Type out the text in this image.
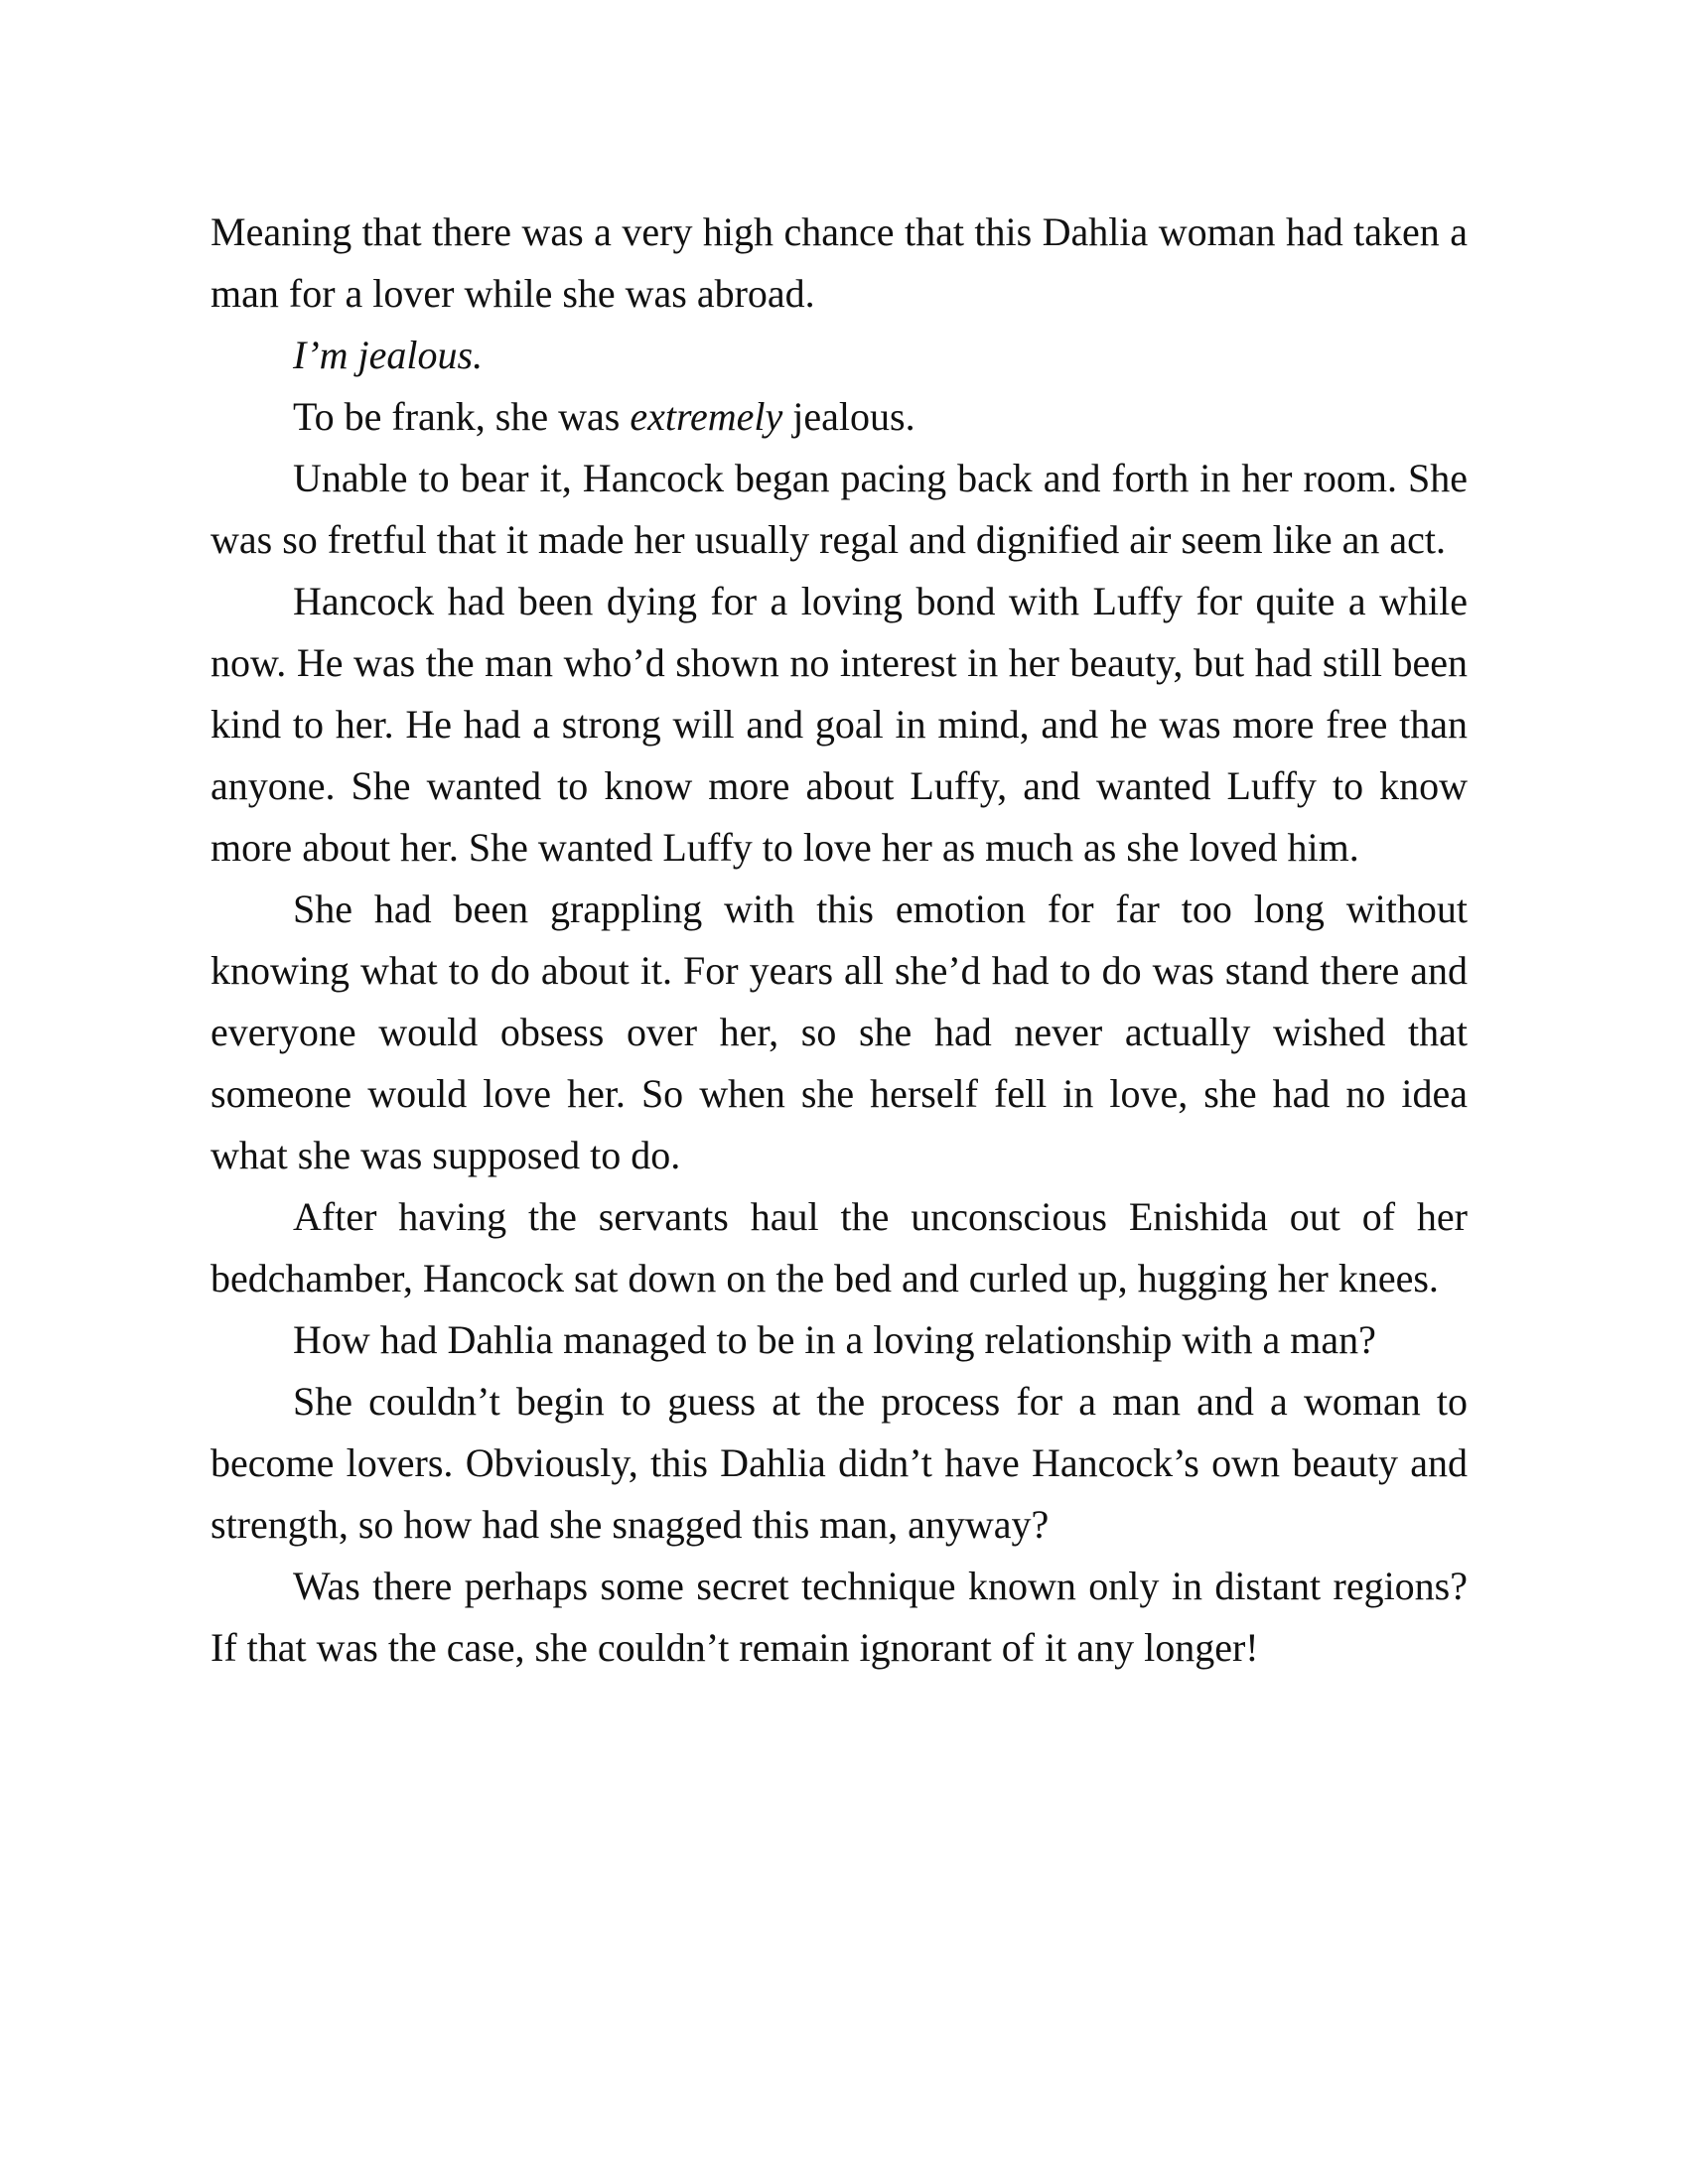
Meaning that there was a very high chance that this Dahlia woman had taken a man for a lover while she was abroad.

I’m jealous.

To be frank, she was extremely jealous.

Unable to bear it, Hancock began pacing back and forth in her room. She was so fretful that it made her usually regal and dignified air seem like an act.

Hancock had been dying for a loving bond with Luffy for quite a while now. He was the man who’d shown no interest in her beauty, but had still been kind to her. He had a strong will and goal in mind, and he was more free than anyone. She wanted to know more about Luffy, and wanted Luffy to know more about her. She wanted Luffy to love her as much as she loved him.

She had been grappling with this emotion for far too long without knowing what to do about it. For years all she’d had to do was stand there and everyone would obsess over her, so she had never actually wished that someone would love her. So when she herself fell in love, she had no idea what she was supposed to do.

After having the servants haul the unconscious Enishida out of her bedchamber, Hancock sat down on the bed and curled up, hugging her knees.

How had Dahlia managed to be in a loving relationship with a man?

She couldn’t begin to guess at the process for a man and a woman to become lovers. Obviously, this Dahlia didn’t have Hancock’s own beauty and strength, so how had she snagged this man, anyway?

Was there perhaps some secret technique known only in distant regions? If that was the case, she couldn’t remain ignorant of it any longer!
